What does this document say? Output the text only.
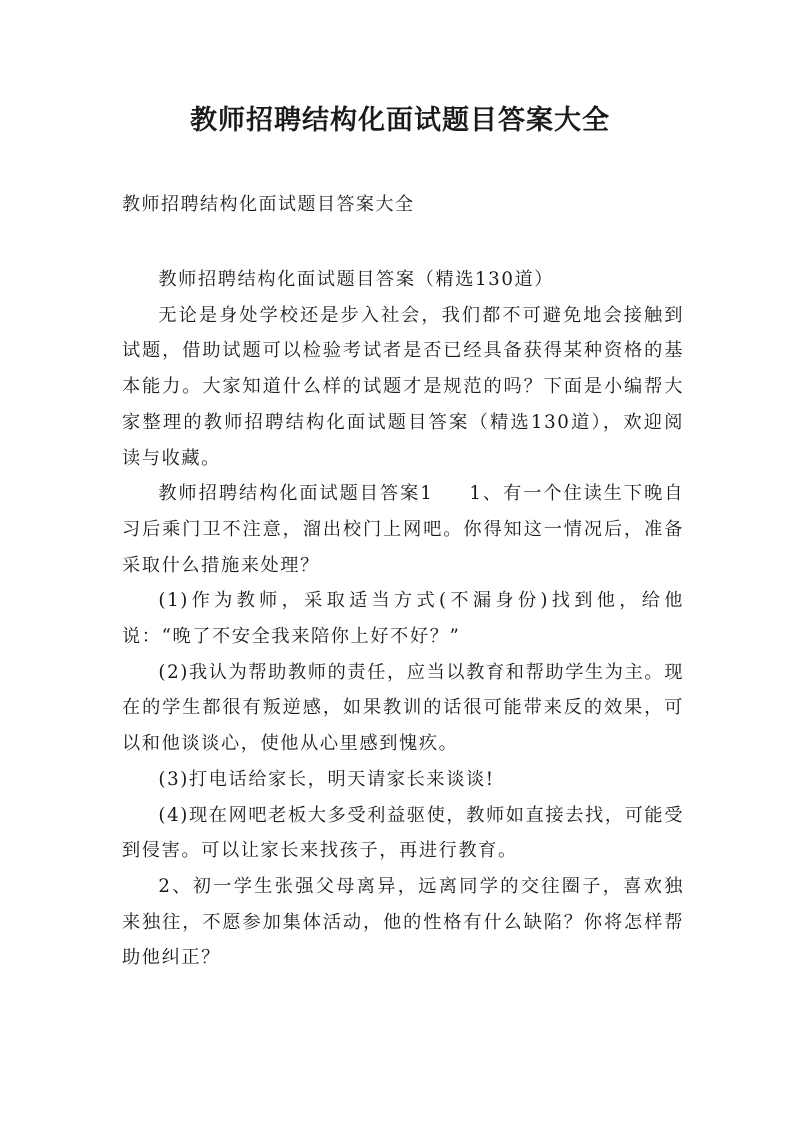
教师招聘结构化面试题目答案大全

教师招聘结构化面试题目答案大全

教师招聘结构化面试题目答案（精选130道）

无论是身处学校还是步入社会，我们都不可避免地会接触到试题，借助试题可以检验考试者是否已经具备获得某种资格的基本能力。大家知道什么样的试题才是规范的吗？下面是小编帮大家整理的教师招聘结构化面试题目答案（精选130道），欢迎阅读与收藏。

教师招聘结构化面试题目答案1 1、有一个住读生下晚自习后乘门卫不注意，溜出校门上网吧。你得知这一情况后，准备采取什么措施来处理？

(1)作为教师，采取适当方式(不漏身份)找到他，给他说：“晚了不安全我来陪你上好不好？”

(2)我认为帮助教师的责任，应当以教育和帮助学生为主。现在的学生都很有叛逆感，如果教训的话很可能带来反的效果，可以和他谈谈心，使他从心里感到愧疚。

(3)打电话给家长，明天请家长来谈谈!

(4)现在网吧老板大多受利益驱使，教师如直接去找，可能受到侵害。可以让家长来找孩子，再进行教育。

2、初一学生张强父母离异，远离同学的交往圈子，喜欢独来独往，不愿参加集体活动，他的性格有什么缺陷？你将怎样帮助他纠正？
